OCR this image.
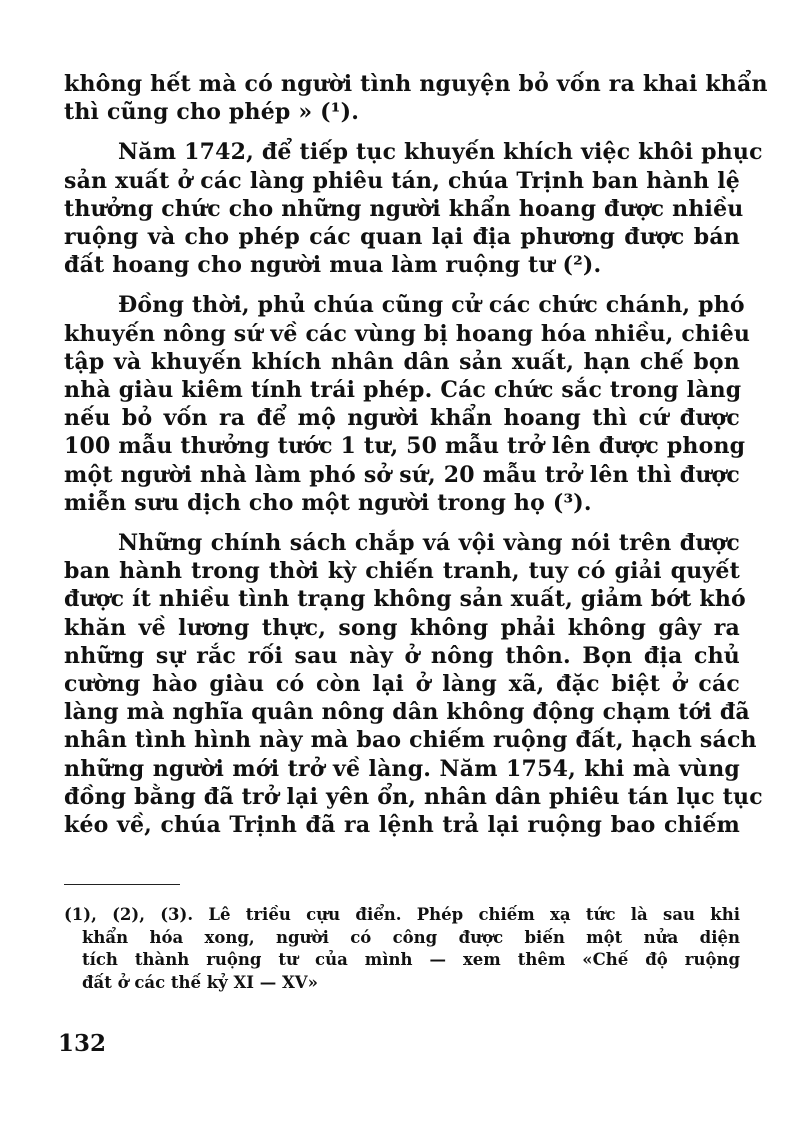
không hết mà có người tình nguyện bỏ vốn ra khai khẩn
thì cũng cho phép » (¹).
Năm 1742, để tiếp tục khuyến khích việc khôi phục
sản xuất ở các làng phiêu tán, chúa Trịnh ban hành lệ
thưởng chức cho những người khẩn hoang được nhiều
ruộng và cho phép các quan lại địa phương được bán
đất hoang cho người mua làm ruộng tư (²).
Đồng thời, phủ chúa cũng cử các chức chánh, phó
khuyến nông sứ về các vùng bị hoang hóa nhiều, chiêu
tập và khuyến khích nhân dân sản xuất, hạn chế bọn
nhà giàu kiêm tính trái phép. Các chức sắc trong làng
nếu bỏ vốn ra để mộ người khẩn hoang thì cứ được
100 mẫu thưởng tước 1 tư, 50 mẫu trở lên được phong
một người nhà làm phó sở sứ, 20 mẫu trở lên thì được
miễn sưu dịch cho một người trong họ (³).
Những chính sách chắp vá vội vàng nói trên được
ban hành trong thời kỳ chiến tranh, tuy có giải quyết
được ít nhiều tình trạng không sản xuất, giảm bớt khó
khăn về lương thực, song không phải không gây ra
những sự rắc rối sau này ở nông thôn. Bọn địa chủ
cường hào giàu có còn lại ở làng xã, đặc biệt ở các
làng mà nghĩa quân nông dân không động chạm tới đã
nhân tình hình này mà bao chiếm ruộng đất, hạch sách
những người mới trở về làng. Năm 1754, khi mà vùng
đồng bằng đã trở lại yên ổn, nhân dân phiêu tán lục tục
kéo về, chúa Trịnh đã ra lệnh trả lại ruộng bao chiếm
(1), (2), (3). Lê triều cựu điển. Phép chiếm xạ tức là sau khi
khẩn hóa xong, người có công được biến một nửa diện
tích thành ruộng tư của mình — xem thêm «Chế độ ruộng
đất ở các thế kỷ XI — XV»
132
